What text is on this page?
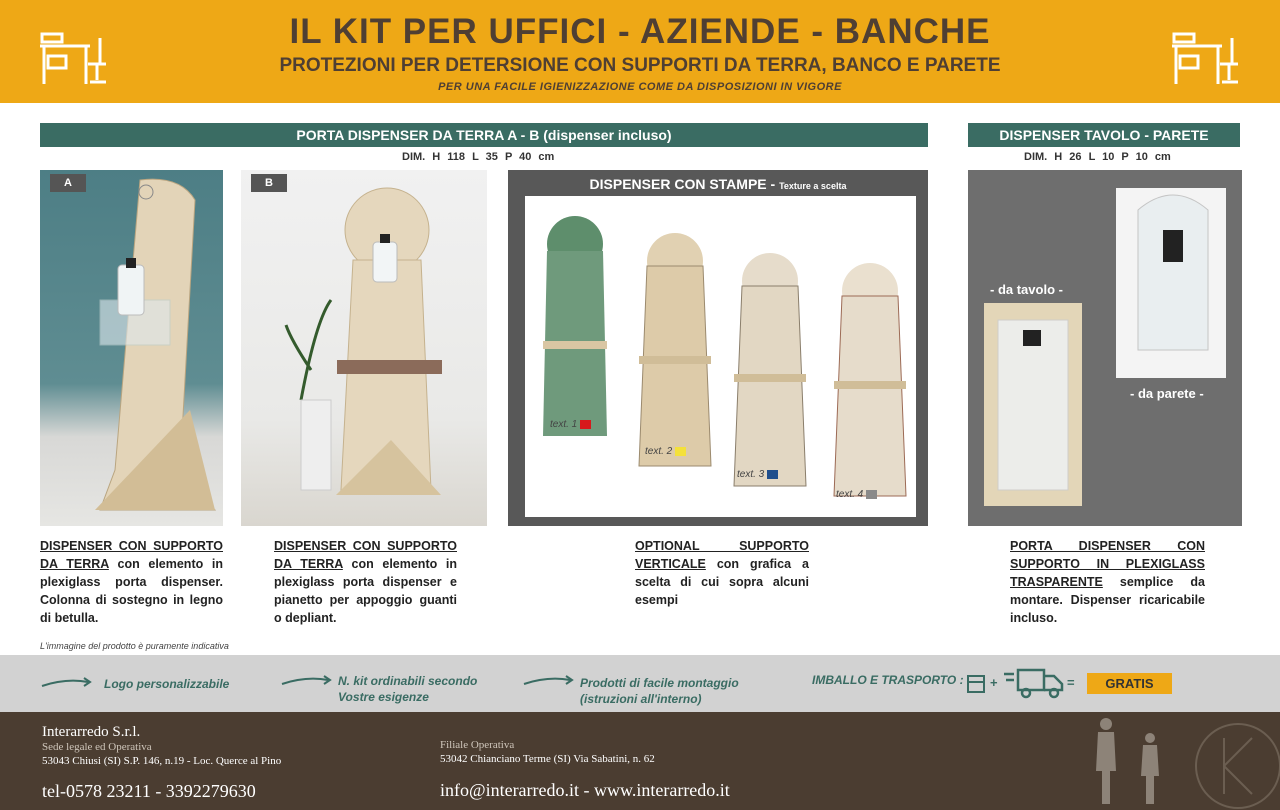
IL KIT PER UFFICI - AZIENDE - BANCHE
PROTEZIONI PER DETERSIONE CON SUPPORTI DA TERRA, BANCO E PARETE
PER UNA FACILE IGIENIZZAZIONE COME DA DISPOSIZIONI IN VIGORE
PORTA DISPENSER DA TERRA A - B (dispenser incluso)
DIM. H 118 L 35 P 40 cm
DISPENSER TAVOLO - PARETE
DIM. H 26 L 10 P 10 cm
A	B	DISPENSER CON STAMPE - Texture a scelta
text. 1
text. 2
text. 3
text. 4
- da tavolo -
- da parete -
DISPENSER CON SUPPORTO DA TERRA con elemento in plexiglass porta dispenser. Colonna di sostegno in legno di betulla.
DISPENSER CON SUPPORTO DA TERRA con elemento in plexiglass porta dispenser e pianetto per appoggio guanti o depliant.
OPTIONAL SUPPORTO VERTICALE con grafica a scelta di cui sopra alcuni esempi
PORTA DISPENSER CON SUPPORTO IN PLEXIGLASS TRASPARENTE semplice da montare. Dispenser ricaricabile incluso.
L'immagine del prodotto è puramente indicativa
Logo personalizzabile	N. kit ordinabili secondo
Vostre esigenze
Prodotti di facile montaggio
(istruzioni all'interno)
IMBALLO E TRASPORTO : +	=	GRATIS
Interarredo S.r.l.
Sede legale ed Operativa
53043 Chiusi (SI) S.P. 146, n.19 - Loc. Querce al Pino
tel-0578 23211 - 3392279630
Filiale Operativa
53042 Chianciano Terme (SI) Via Sabatini, n. 62
info@interarredo.it - www.interarredo.it
